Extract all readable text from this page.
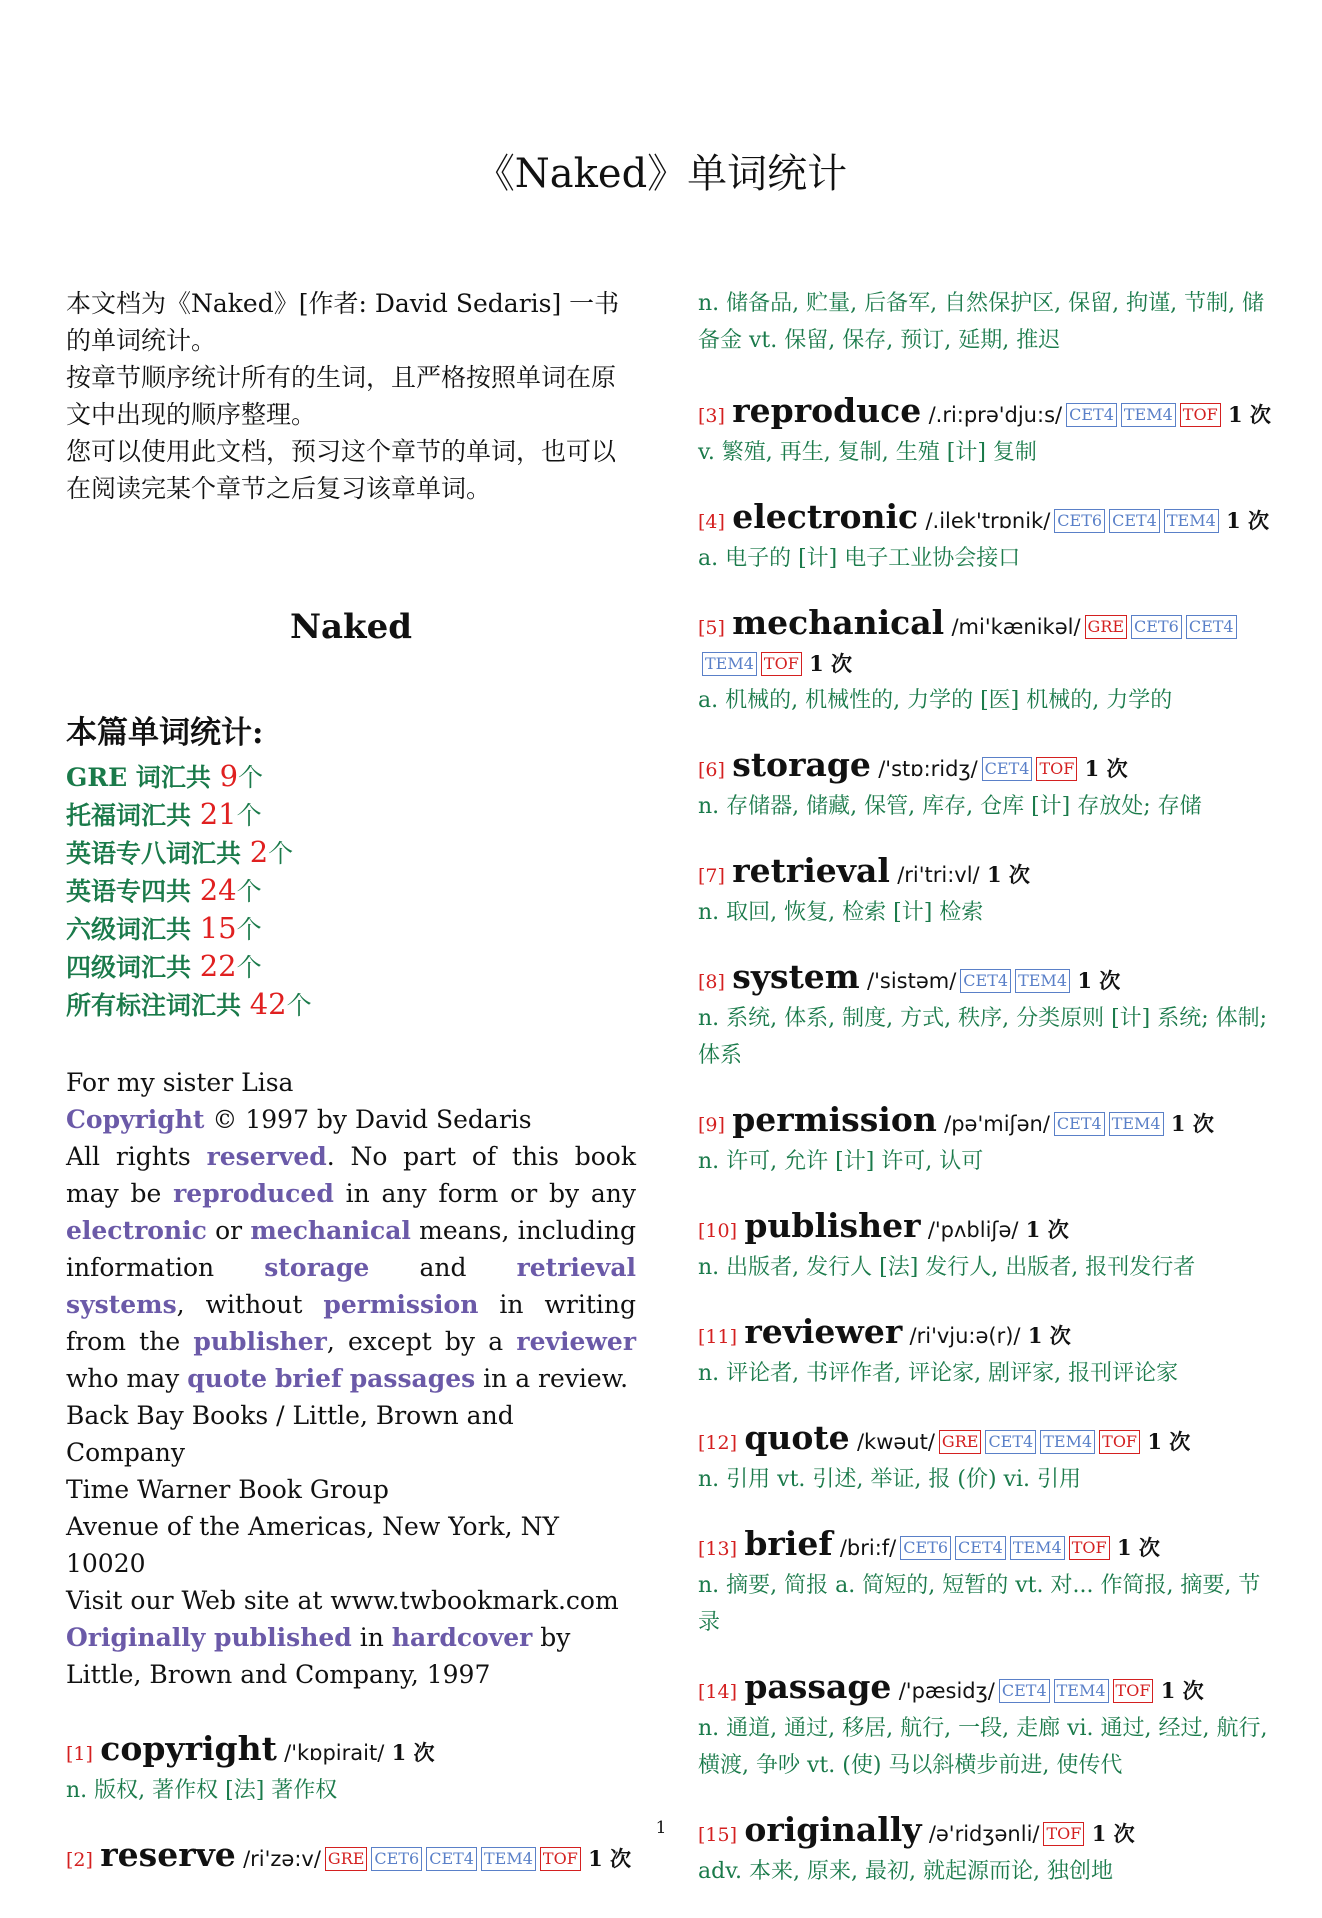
《Naked》单词统计

本文档为《Naked》[作者: David Sedaris] 一书的单词统计。

按章节顺序统计所有的生词，且严格按照单词在原文中出现的顺序整理。

您可以使用此文档，预习这个章节的单词，也可以在阅读完某个章节之后复习该章单词。

Naked
本篇单词统计:
GRE 词汇共 9个
托福词汇共 21个
英语专八词汇共 2个
英语专四共 24个
六级词汇共 15个
四级词汇共 22个
所有标注词汇共 42个
For my sister Lisa
Copyright © 1997 by David Sedaris
All rights reserved. No part of this book may be reproduced in any form or by any electronic or mechanical means, including information storage and retrieval systems, without permission in writing from the publisher, except by a reviewer who may quote brief passages in a review.
Back Bay Books / Little, Brown and Company
Time Warner Book Group
Avenue of the Americas, New York, NY 10020
Visit our Web site at www.twbookmark.com
Originally published in hardcover by Little, Brown and Company, 1997
[1] copyright /'kɒpirait/ 1 次
n. 版权, 著作权 [法] 著作权
[2] reserve /ri'zə:v/ GRE CET6 CET4 TEM4 TOF 1 次
n. 储备品, 贮量, 后备军, 自然保护区, 保留, 拘谨, 节制, 储备金 vt. 保留, 保存, 预订, 延期, 推迟
[3] reproduce /.ri:prə'dju:s/ CET4 TEM4 TOF 1 次
v. 繁殖, 再生, 复制, 生殖 [计] 复制
[4] electronic /.ilek'trɒnik/ CET6 CET4 TEM4 1 次
a. 电子的 [计] 电子工业协会接口
[5] mechanical /mi'kænikəl/ GRE CET6 CET4TEM4 TOF 1 次
a. 机械的, 机械性的, 力学的 [医] 机械的, 力学的
[6] storage /'stɒ:ridʒ/ CET4 TOF 1 次
n. 存储器, 储藏, 保管, 库存, 仓库 [计] 存放处; 存储
[7] retrieval /ri'tri:vl/ 1 次
n. 取回, 恢复, 检索 [计] 检索
[8] system /'sistəm/ CET4 TEM4 1 次
n. 系统, 体系, 制度, 方式, 秩序, 分类原则 [计] 系统; 体制; 体系
[9] permission /pə'miʃən/ CET4 TEM4 1 次
n. 许可, 允许 [计] 许可, 认可
[10] publisher /'pʌbliʃə/ 1 次
n. 出版者, 发行人 [法] 发行人, 出版者, 报刊发行者
[11] reviewer /ri'vju:ə(r)/ 1 次
n. 评论者, 书评作者, 评论家, 剧评家, 报刊评论家
[12] quote /kwəut/ GRE CET4 TEM4 TOF 1 次
n. 引用 vt. 引述, 举证, 报 (价) vi. 引用
[13] brief /bri:f/ CET6 CET4 TEM4 TOF 1 次
n. 摘要, 简报 a. 简短的, 短暂的 vt. 对... 作简报, 摘要, 节录
[14] passage /'pæsidʒ/ CET4 TEM4 TOF 1 次
n. 通道, 通过, 移居, 航行, 一段, 走廊 vi. 通过, 经过, 航行, 横渡, 争吵 vt. (使) 马以斜横步前进, 使传代
[15] originally /ə'ridʒənli/ TOF 1 次
adv. 本来, 原来, 最初, 就起源而论, 独创地
1
